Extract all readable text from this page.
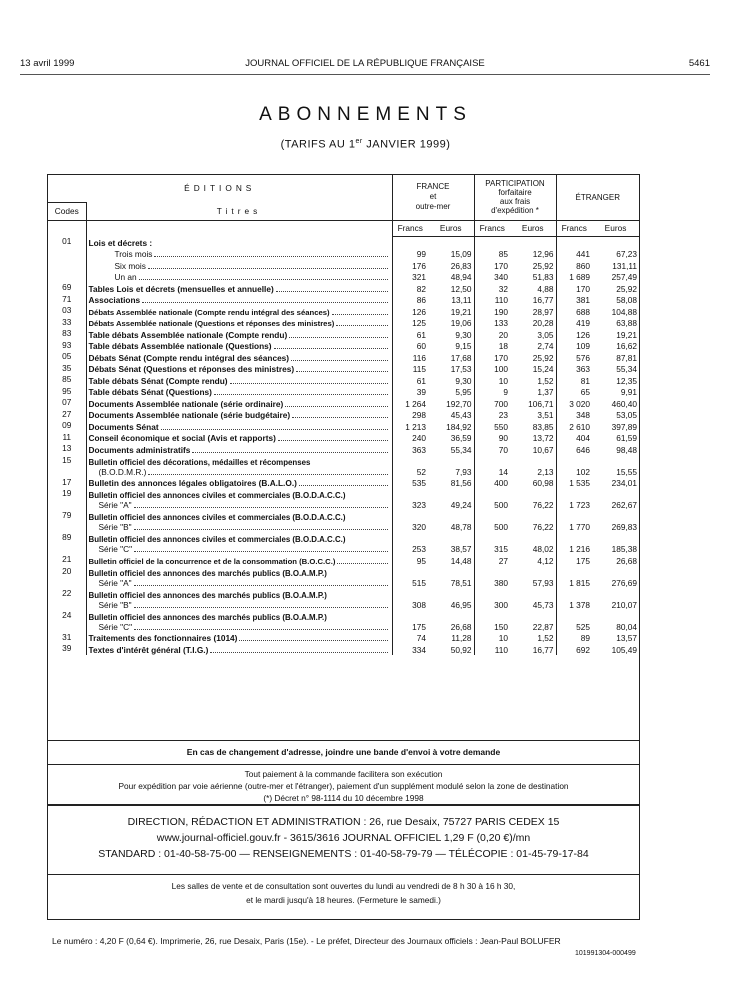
13 avril 1999	JOURNAL OFFICIEL DE LA RÉPUBLIQUE FRANÇAISE	5461
ABONNEMENTS
(TARIFS AU 1er JANVIER 1999)
ÉDITIONS		FRANCE
et
outre-mer		PARTICIPATION
forfaitaire
aux frais
d'expédition *		ÉTRANGER	
Codes	Titres						
		Francs	Euros	Francs	Euros	Francs	Euros
01	Lois et décrets :						

	Trois mois	99	15,09	85	12,96	441	67,23

	Six mois	176	26,83	170	25,92	860	131,11

	Un an	321	48,94	340	51,83	1 689	257,49
69	Tables Lois et décrets (mensuelles et annuelle)	82	12,50	32	4,88	170	25,92
71	Associations	86	13,11	110	16,77	381	58,08
03	Débats Assemblée nationale (Compte rendu intégral des séances)	126	19,21	190	28,97	688	104,88
33	Débats Assemblée nationale (Questions et réponses des ministres)	125	19,06	133	20,28	419	63,88
83	Table débats Assemblée nationale (Compte rendu)	61	9,30	20	3,05	126	19,21
93	Table débats Assemblée nationale (Questions)	60	9,15	18	2,74	109	16,62
05	Débats Sénat (Compte rendu intégral des séances)	116	17,68	170	25,92	576	87,81
35	Débats Sénat (Questions et réponses des ministres)	115	17,53	100	15,24	363	55,34
85	Table débats Sénat (Compte rendu)	61	9,30	10	1,52	81	12,35
95	Table débats Sénat (Questions)	39	5,95	9	1,37	65	9,91
07	Documents Assemblée nationale (série ordinaire)	1 264	192,70	700	106,71	3 020	460,40
27	Documents Assemblée nationale (série budgétaire)	298	45,43	23	3,51	348	53,05
09	Documents Sénat	1 213	184,92	550	83,85	2 610	397,89
11	Conseil économique et social (Avis et rapports)	240	36,59	90	13,72	404	61,59
13	Documents administratifs	363	55,34	70	10,67	646	98,48
15	Bulletin officiel des décorations, médailles et récompenses
(B.O.D.M.R.)	52	7,93	14	2,13	102	15,55
17	Bulletin des annonces légales obligatoires (B.A.L.O.)	535	81,56	400	60,98	1 535	234,01
19	Bulletin officiel des annonces civiles et commerciales (B.O.D.A.C.C.)
Série "A"	323	49,24	500	76,22	1 723	262,67
79	Bulletin officiel des annonces civiles et commerciales (B.O.D.A.C.C.)
Série "B"	320	48,78	500	76,22	1 770	269,83
89	Bulletin officiel des annonces civiles et commerciales (B.O.D.A.C.C.)
Série "C"	253	38,57	315	48,02	1 216	185,38
21	Bulletin officiel de la concurrence et de la consommation (B.O.C.C.)	95	14,48	27	4,12	175	26,68
20	Bulletin officiel des annonces des marchés publics (B.O.A.M.P.)
Série "A"	515	78,51	380	57,93	1 815	276,69
22	Bulletin officiel des annonces des marchés publics (B.O.A.M.P.)
Série "B"	308	46,95	300	45,73	1 378	210,07
24	Bulletin officiel des annonces des marchés publics (B.O.A.M.P.)
Série "C"	175	26,68	150	22,87	525	80,04
31	Traitements des fonctionnaires (1014)	74	11,28	10	1,52	89	13,57
39	Textes d'intérêt général (T.I.G.)	334	50,92	110	16,77	692	105,49
En cas de changement d'adresse, joindre une bande d'envoi à votre demande
Tout paiement à la commande facilitera son exécution
Pour expédition par voie aérienne (outre-mer et l'étranger), paiement d'un supplément modulé selon la zone de destination
(*) Décret n° 98-1114 du 10 décembre 1998
DIRECTION, RÉDACTION ET ADMINISTRATION : 26, rue Desaix, 75727 PARIS CEDEX 15
www.journal-officiel.gouv.fr - 3615/3616 JOURNAL OFFICIEL 1,29 F (0,20 €)/mn
STANDARD : 01-40-58-75-00 — RENSEIGNEMENTS : 01-40-58-79-79 — TÉLÉCOPIE : 01-45-79-17-84
Les salles de vente et de consultation sont ouvertes du lundi au vendredi de 8 h 30 à 16 h 30,
et le mardi jusqu'à 18 heures. (Fermeture le samedi.)
Le numéro : 4,20 F (0,64 €). Imprimerie, 26, rue Desaix, Paris (15e). - Le préfet, Directeur des Journaux officiels : Jean-Paul BOLUFER
101991304-000499
